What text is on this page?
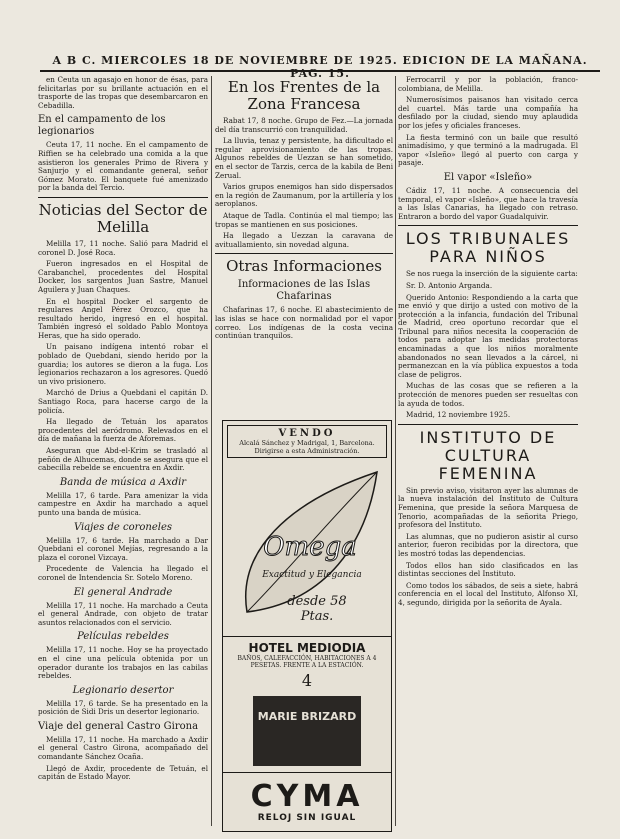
A B C. MIERCOLES 18 DE NOVIEMBRE DE 1925. EDICION DE LA MAÑANA. PAG. 15.

en Ceuta un agasajo en honor de ésas, para felicitarlas por su brillante actuación en el trasporte de las tropas que desembarcaron en Cebadilla.

En el campamento de los legionarios

Ceuta 17, 11 noche. En el campamento de Riffien se ha celebrado una comida a la que asistieron los generales Primo de Rivera y Sanjurjo y el comandante general, señor Gómez Morato. El banquete fué amenizado por la banda del Tercio.

Noticias del Sector de Melilla

Melilla 17, 11 noche. Salió para Madrid el coronel D. José Roca.

Fueron ingresados en el Hospital de Carabanchel, procedentes del Hospital Docker, los sargentos Juan Sastre, Manuel Aguilera y Juan Chaques.

En el hospital Docker el sargento de regulares Angel Pérez Orozco, que ha resultado herido, ingresó en el hospital. También ingresó el soldado Pablo Montoya Heras, que ha sido operado.

Un paisano indígena intentó robar el poblado de Quebdani, siendo herido por la guardia; los autores se dieron a la fuga. Los legionarios rechazaron a los agresores. Quedó un vivo prisionero.

Marchó de Drius a Quebdani el capitán D. Santiago Roca, para hacerse cargo de la policía.

Ha llegado de Tetuán los aparatos procedentes del aeródromo. Relevados en el día de mañana la fuerza de Aforemas.

Aseguran que Abd-el-Krim se trasladó al peñón de Alhucemas, donde se asegura que el cabecilla rebelde se encuentra en Axdir.

Banda de música a Axdir

Melilla 17, 6 tarde. Para amenizar la vida campestre en Axdir ha marchado a aquel punto una banda de música.

Viajes de coroneles

Melilla 17, 6 tarde. Ha marchado a Dar Quebdani el coronel Mejías, regresando a la plaza el coronel Vizcaya.

Procedente de Valencia ha llegado el coronel de Intendencia Sr. Sotelo Moreno.

El general Andrade

Melilla 17, 11 noche. Ha marchado a Ceuta el general Andrade, con objeto de tratar asuntos relacionados con el servicio.

Películas rebeldes

Melilla 17, 11 noche. Hoy se ha proyectado en el cine una película obtenida por un operador durante los trabajos en las cabilas rebeldes.

Legionario desertor

Melilla 17, 6 tarde. Se ha presentado en la posición de Sidi Dris un desertor legionario.

Viaje del general Castro Girona

Melilla 17, 11 noche. Ha marchado a Axdir el general Castro Girona, acompañado del comandante Sánchez Ocaña.

Llegó de Axdir, procedente de Tetuán, el capitán de Estado Mayor.

En los Frentes de la Zona Francesa

Rabat 17, 8 noche. Grupo de Fez.—La jornada del día transcurrió con tranquilidad.

La lluvia, tenaz y persistente, ha dificultado el regular aprovisionamiento de las tropas. Algunos rebeldes de Uezzan se han sometido, en el sector de Tarzis, cerca de la kabila de Beni Zerual.

Varios grupos enemigos han sido dispersados en la región de Zaumanum, por la artillería y los aeroplanos.

Ataque de Tadla. Continúa el mal tiempo; las tropas se mantienen en sus posiciones.

Ha llegado a Uezzan la caravana de avituallamiento, sin novedad alguna.

Otras Informaciones
Informaciones de las Islas Chafarinas

Chafarinas 17, 6 noche. El abastecimiento de las islas se hace con normalidad por el vapor correo. Los indígenas de la costa vecina continúan tranquilos.

VENDO
Alcalá Sánchez y Madrigal, 1, Barcelona. Dirigirse a esta Administración.
Omega
Exactitud y Elegancia
desde 58 Ptas.
HOTEL MEDIODIA
BAÑOS, CALEFACCIÓN, HABITACIONES A 4 PESETAS. FRENTE A LA ESTACIÓN.
4
MARIE BRIZARD
CYMA
RELOJ SIN IGUAL

Ferrocarril y por la población, franco-colombiana, de Melilla.

Numerosísimos paisanos han visitado cerca del cuartel. Más tarde una compañía ha desfilado por la ciudad, siendo muy aplaudida por los jefes y oficiales franceses.

La fiesta terminó con un baile que resultó animadísimo, y que terminó a la madrugada. El vapor «Isleño» llegó al puerto con carga y pasaje.

El vapor «Isleño»

Cádiz 17, 11 noche. A consecuencia del temporal, el vapor «Isleño», que hace la travesía a las Islas Canarias, ha llegado con retraso. Entraron a bordo del vapor Guadalquivir.

LOS TRIBUNALES PARA NIÑOS

Se nos ruega la inserción de la siguiente carta:

Sr. D. Antonio Arganda.

Querido Antonio: Respondiendo a la carta que me envió y que dirijo a usted con motivo de la protección a la infancia, fundación del Tribunal de Madrid, creo oportuno recordar que el Tribunal para niños necesita la cooperación de todos para adoptar las medidas protectoras encaminadas a que los niños moralmente abandonados no sean llevados a la cárcel, ni permanezcan en la vía pública expuestos a toda clase de peligros.

Muchas de las cosas que se refieren a la protección de menores pueden ser resueltas con la ayuda de todos.

Madrid, 12 noviembre 1925.

INSTITUTO DE CULTURA FEMENINA

Sin previo aviso, visitaron ayer las alumnas de la nueva instalación del Instituto de Cultura Femenina, que preside la señora Marquesa de Tenorio, acompañadas de la señorita Priego, profesora del Instituto.

Las alumnas, que no pudieron asistir al curso anterior, fueron recibidas por la directora, que les mostró todas las dependencias.

Todos ellos han sido clasificados en las distintas secciones del Instituto.

Como todos los sábados, de seis a siete, habrá conferencia en el local del Instituto, Alfonso XI, 4, segundo, dirigida por la señorita de Ayala.
